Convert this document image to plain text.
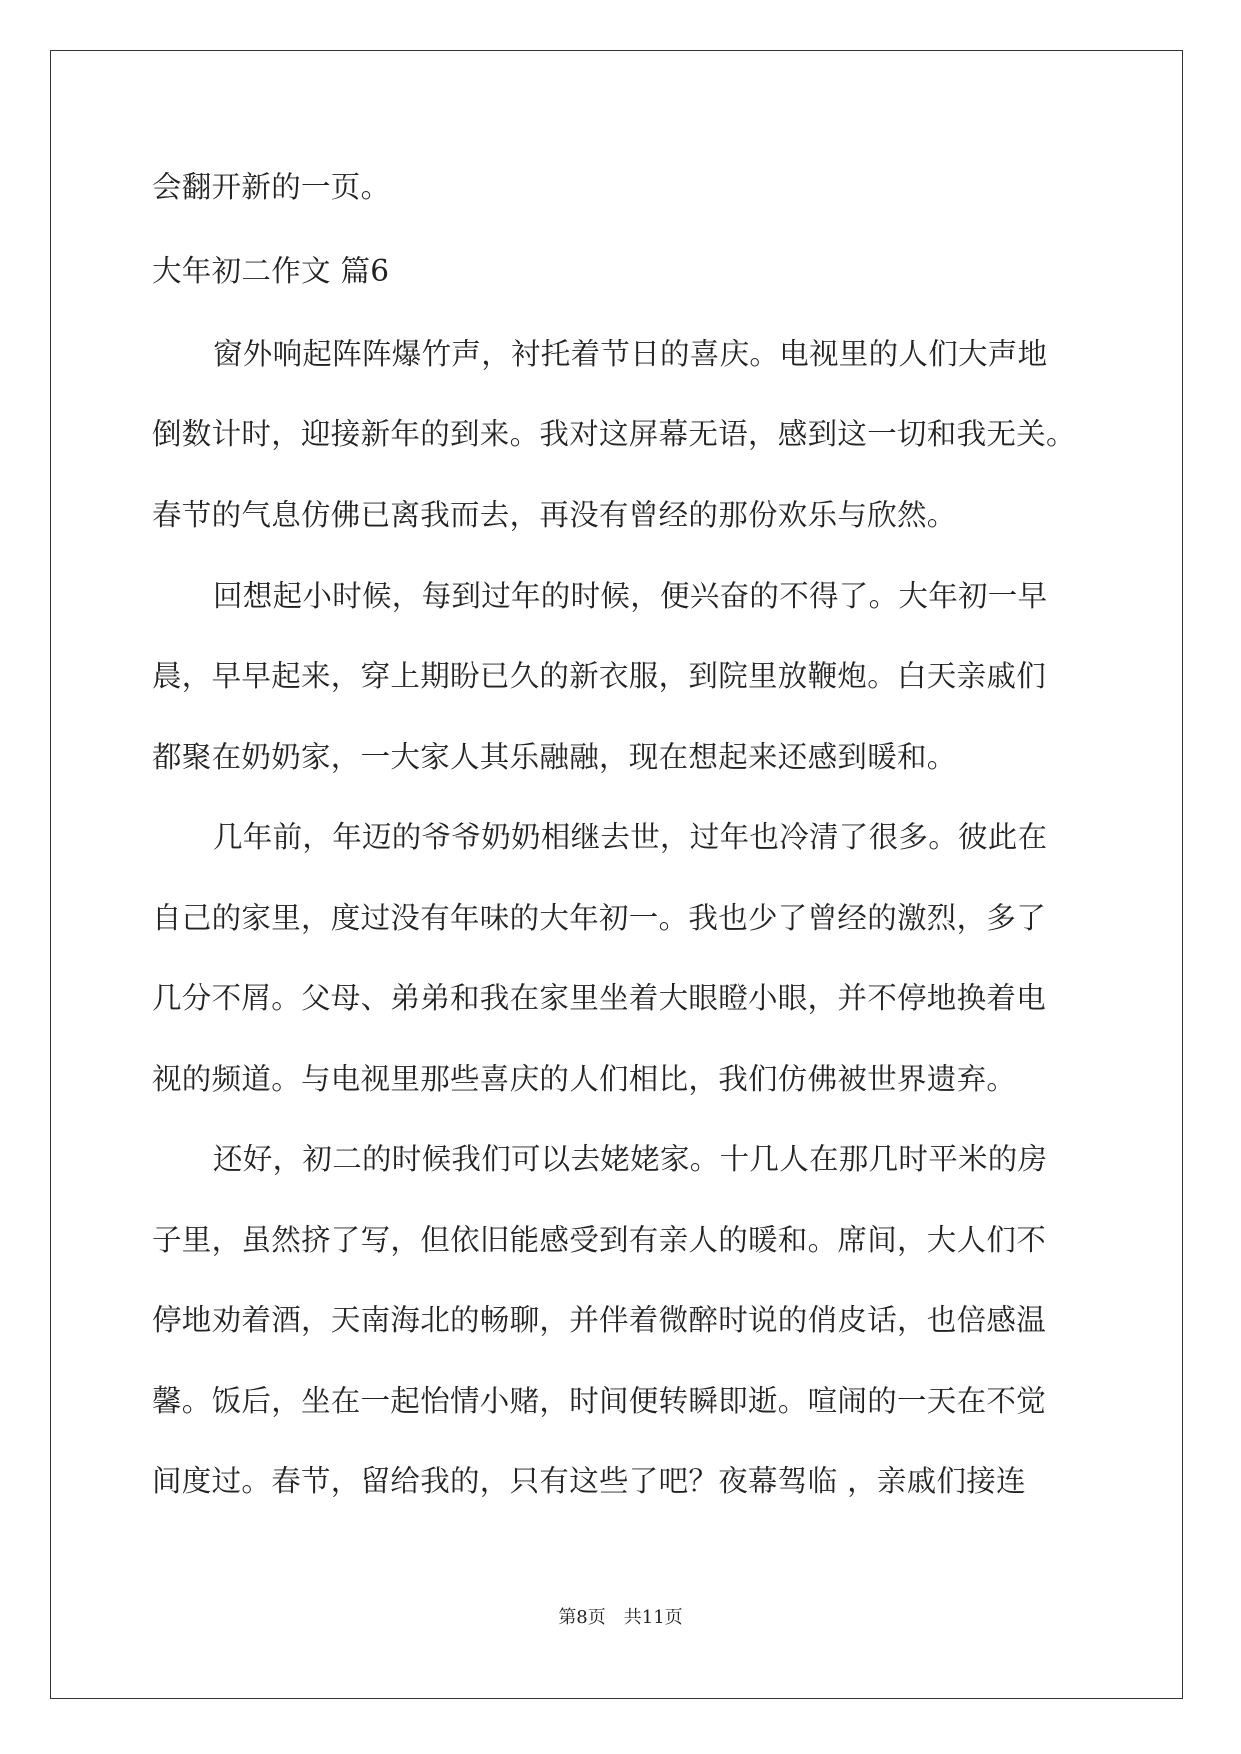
会翻开新的一页。
大年初二作文 篇6
窗外响起阵阵爆竹声，衬托着节日的喜庆。电视里的人们大声地
倒数计时，迎接新年的到来。我对这屏幕无语，感到这一切和我无关。
春节的气息仿佛已离我而去，再没有曾经的那份欢乐与欣然。
回想起小时候，每到过年的时候，便兴奋的不得了。大年初一早
晨，早早起来，穿上期盼已久的新衣服，到院里放鞭炮。白天亲戚们
都聚在奶奶家，一大家人其乐融融，现在想起来还感到暖和。
几年前，年迈的爷爷奶奶相继去世，过年也冷清了很多。彼此在
自己的家里，度过没有年味的大年初一。我也少了曾经的激烈，多了
几分不屑。父母、弟弟和我在家里坐着大眼瞪小眼，并不停地换着电
视的频道。与电视里那些喜庆的人们相比，我们仿佛被世界遗弃。
还好，初二的时候我们可以去姥姥家。十几人在那几时平米的房
子里，虽然挤了写，但依旧能感受到有亲人的暖和。席间，大人们不
停地劝着酒，天南海北的畅聊，并伴着微醉时说的俏皮话，也倍感温
馨。饭后，坐在一起怡情小赌，时间便转瞬即逝。喧闹的一天在不觉
间度过。春节，留给我的，只有这些了吧？夜幕驾临 ，亲戚们接连
第8页 共11页
